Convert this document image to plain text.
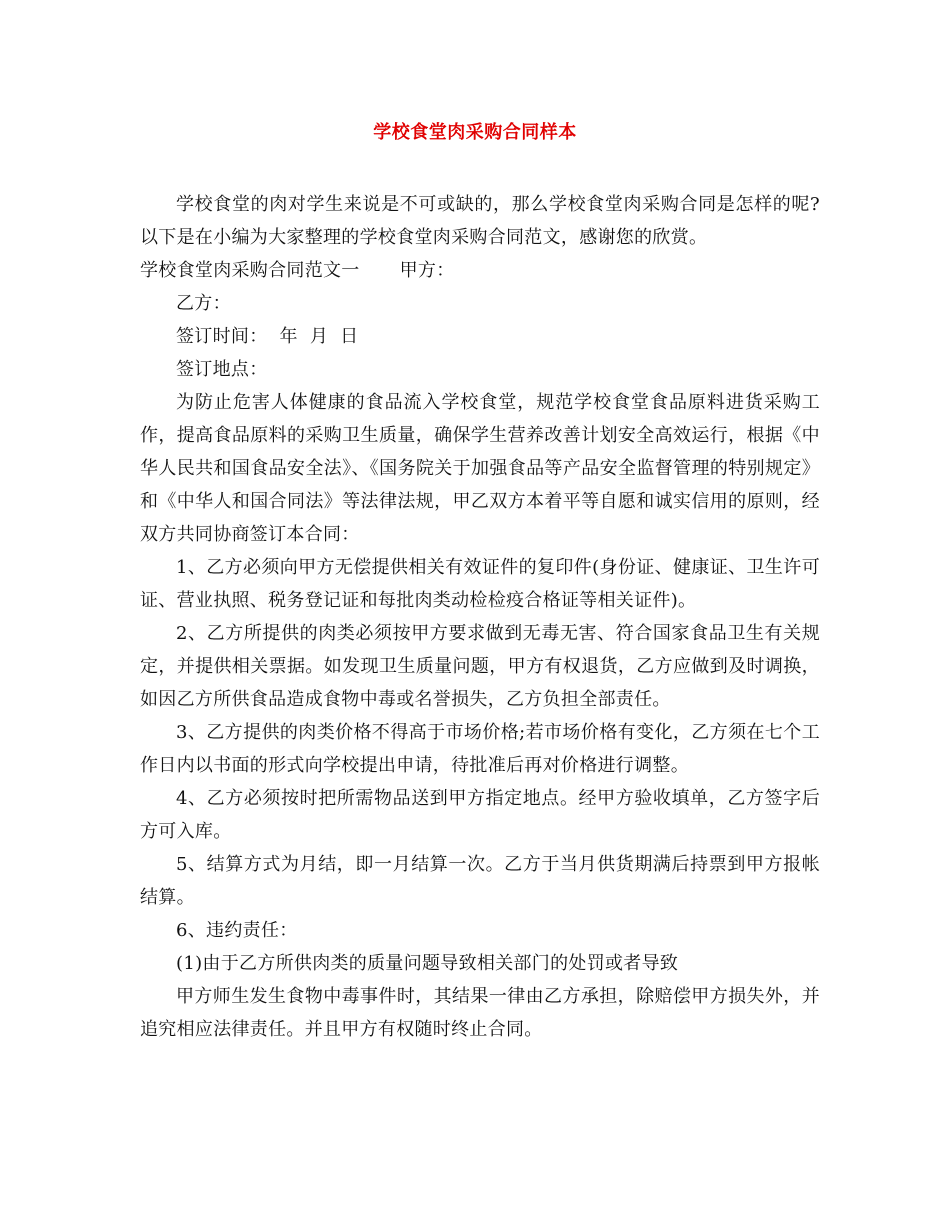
学校食堂肉采购合同样本

学校食堂的肉对学生来说是不可或缺的，那么学校食堂肉采购合同是怎样的呢?以下是在小编为大家整理的学校食堂肉采购合同范文，感谢您的欣赏。

学校食堂肉采购合同范文一 甲方：

乙方：

签订时间： 年 月 日

签订地点：

为防止危害人体健康的食品流入学校食堂，规范学校食堂食品原料进货采购工作，提高食品原料的采购卫生质量，确保学生营养改善计划安全高效运行，根据《中华人民共和国食品安全法》、《国务院关于加强食品等产品安全监督管理的特别规定》和《中华人和国合同法》等法律法规，甲乙双方本着平等自愿和诚实信用的原则，经双方共同协商签订本合同：

1、乙方必须向甲方无偿提供相关有效证件的复印件(身份证、健康证、卫生许可证、营业执照、税务登记证和每批肉类动检检疫合格证等相关证件)。

2、乙方所提供的肉类必须按甲方要求做到无毒无害、符合国家食品卫生有关规定，并提供相关票据。如发现卫生质量问题，甲方有权退货，乙方应做到及时调换，如因乙方所供食品造成食物中毒或名誉损失，乙方负担全部责任。

3、乙方提供的肉类价格不得高于市场价格;若市场价格有变化，乙方须在七个工作日内以书面的形式向学校提出申请，待批准后再对价格进行调整。

4、乙方必须按时把所需物品送到甲方指定地点。经甲方验收填单，乙方签字后方可入库。

5、结算方式为月结，即一月结算一次。乙方于当月供货期满后持票到甲方报帐结算。

6、违约责任：

(1)由于乙方所供肉类的质量问题导致相关部门的处罚或者导致

甲方师生发生食物中毒事件时，其结果一律由乙方承担，除赔偿甲方损失外，并追究相应法律责任。并且甲方有权随时终止合同。
